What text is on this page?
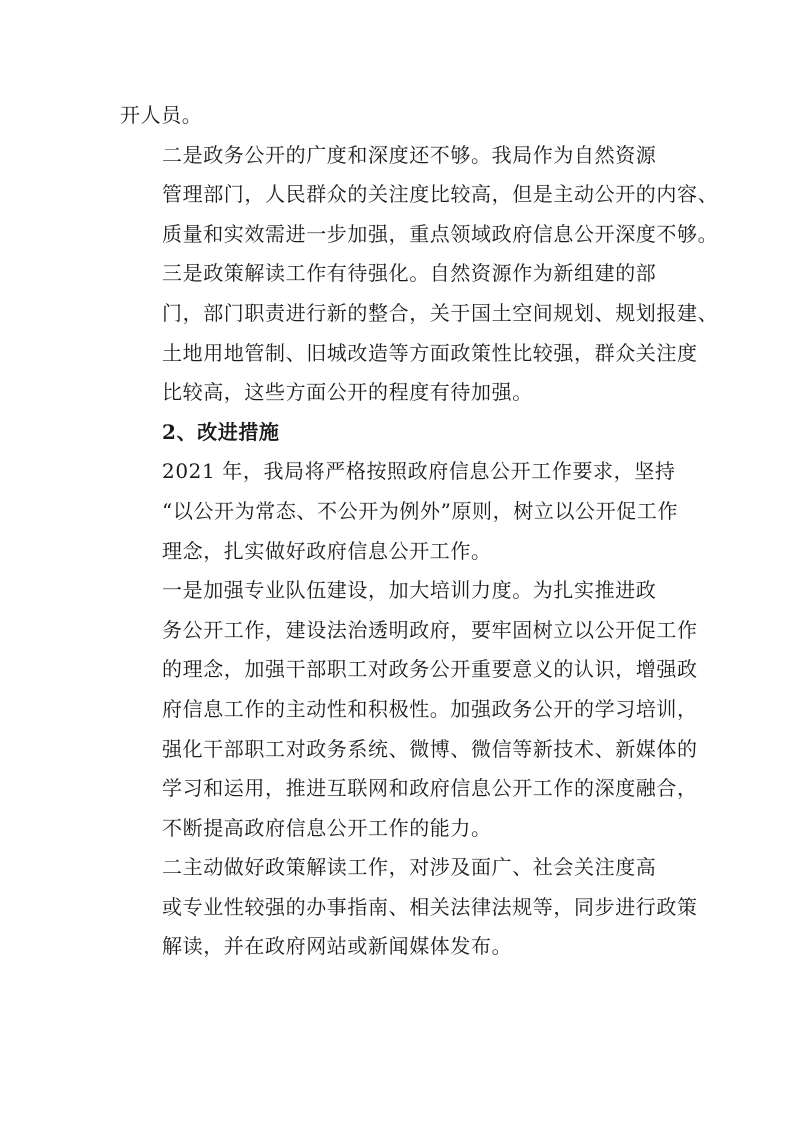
开人员。

二是政务公开的广度和深度还不够。我局作为自然资源
管理部门，人民群众的关注度比较高，但是主动公开的内容、
质量和实效需进一步加强，重点领域政府信息公开深度不够。

三是政策解读工作有待强化。自然资源作为新组建的部
门，部门职责进行新的整合，关于国土空间规划、规划报建、
土地用地管制、旧城改造等方面政策性比较强，群众关注度
比较高，这些方面公开的程度有待加强。

2、改进措施

2021 年，我局将严格按照政府信息公开工作要求，坚持
“以公开为常态、不公开为例外”原则，树立以公开促工作
理念，扎实做好政府信息公开工作。

一是加强专业队伍建设，加大培训力度。为扎实推进政
务公开工作，建设法治透明政府，要牢固树立以公开促工作
的理念，加强干部职工对政务公开重要意义的认识，增强政
府信息工作的主动性和积极性。加强政务公开的学习培训，
强化干部职工对政务系统、微博、微信等新技术、新媒体的
学习和运用，推进互联网和政府信息公开工作的深度融合，
不断提高政府信息公开工作的能力。

二主动做好政策解读工作，对涉及面广、社会关注度高
或专业性较强的办事指南、相关法律法规等，同步进行政策
解读，并在政府网站或新闻媒体发布。
